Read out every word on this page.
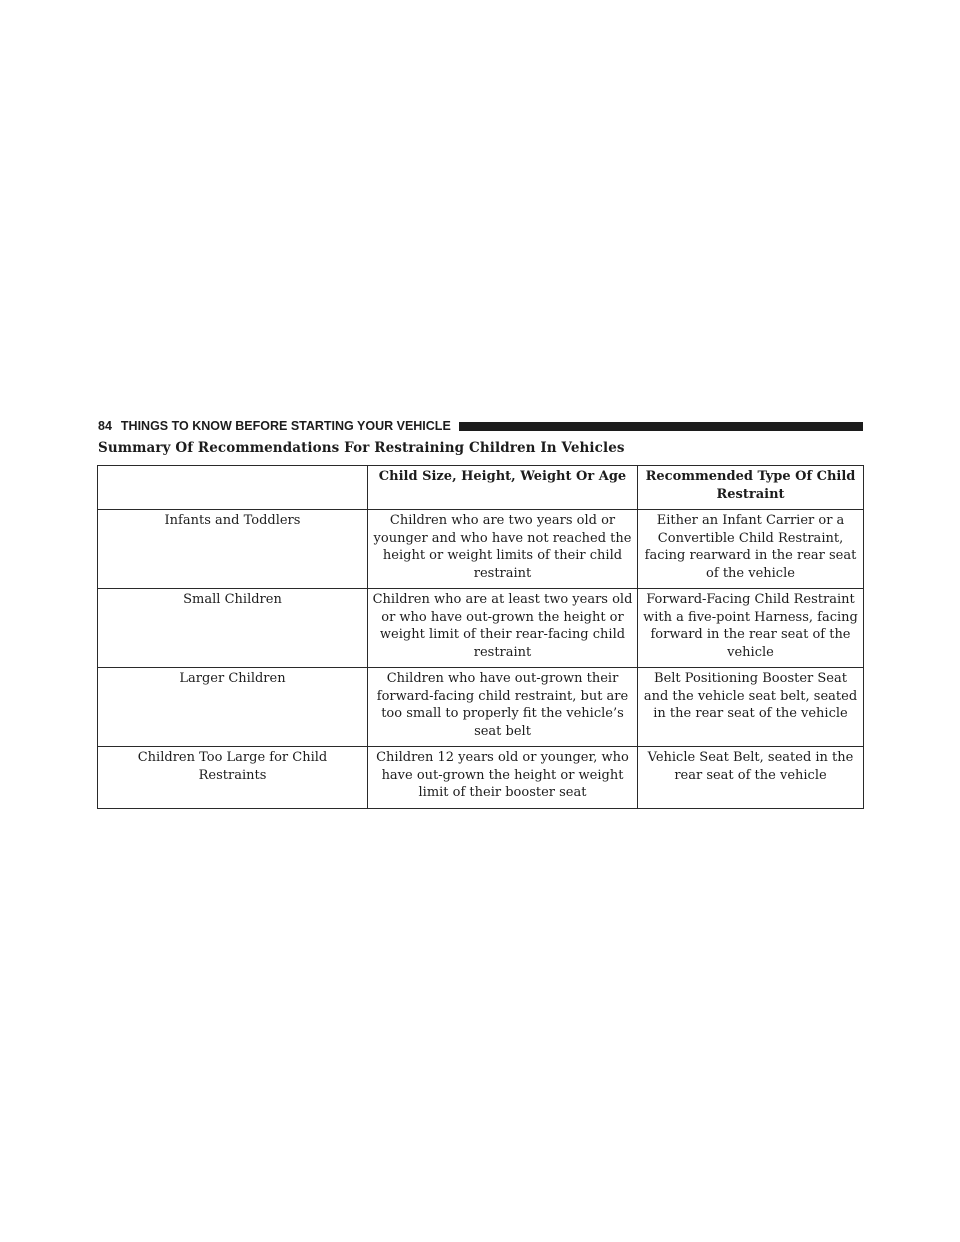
84 THINGS TO KNOW BEFORE STARTING YOUR VEHICLE
Summary Of Recommendations For Restraining Children In Vehicles
	Child Size, Height, Weight Or Age	Recommended Type Of Child Restraint
Infants and Toddlers	Children who are two years old or younger and who have not reached the height or weight limits of their child restraint	Either an Infant Carrier or a Convertible Child Restraint, facing rearward in the rear seat of the vehicle
Small Children	Children who are at least two years old or who have out-grown the height or weight limit of their rear-facing child restraint	Forward-Facing Child Restraint with a five-point Harness, facing forward in the rear seat of the vehicle
Larger Children	Children who have out-grown their forward-facing child restraint, but are too small to properly fit the vehicle’s seat belt	Belt Positioning Booster Seat and the vehicle seat belt, seated in the rear seat of the vehicle
Children Too Large for Child Restraints	Children 12 years old or younger, who have out-grown the height or weight limit of their booster seat	Vehicle Seat Belt, seated in the rear seat of the vehicle
